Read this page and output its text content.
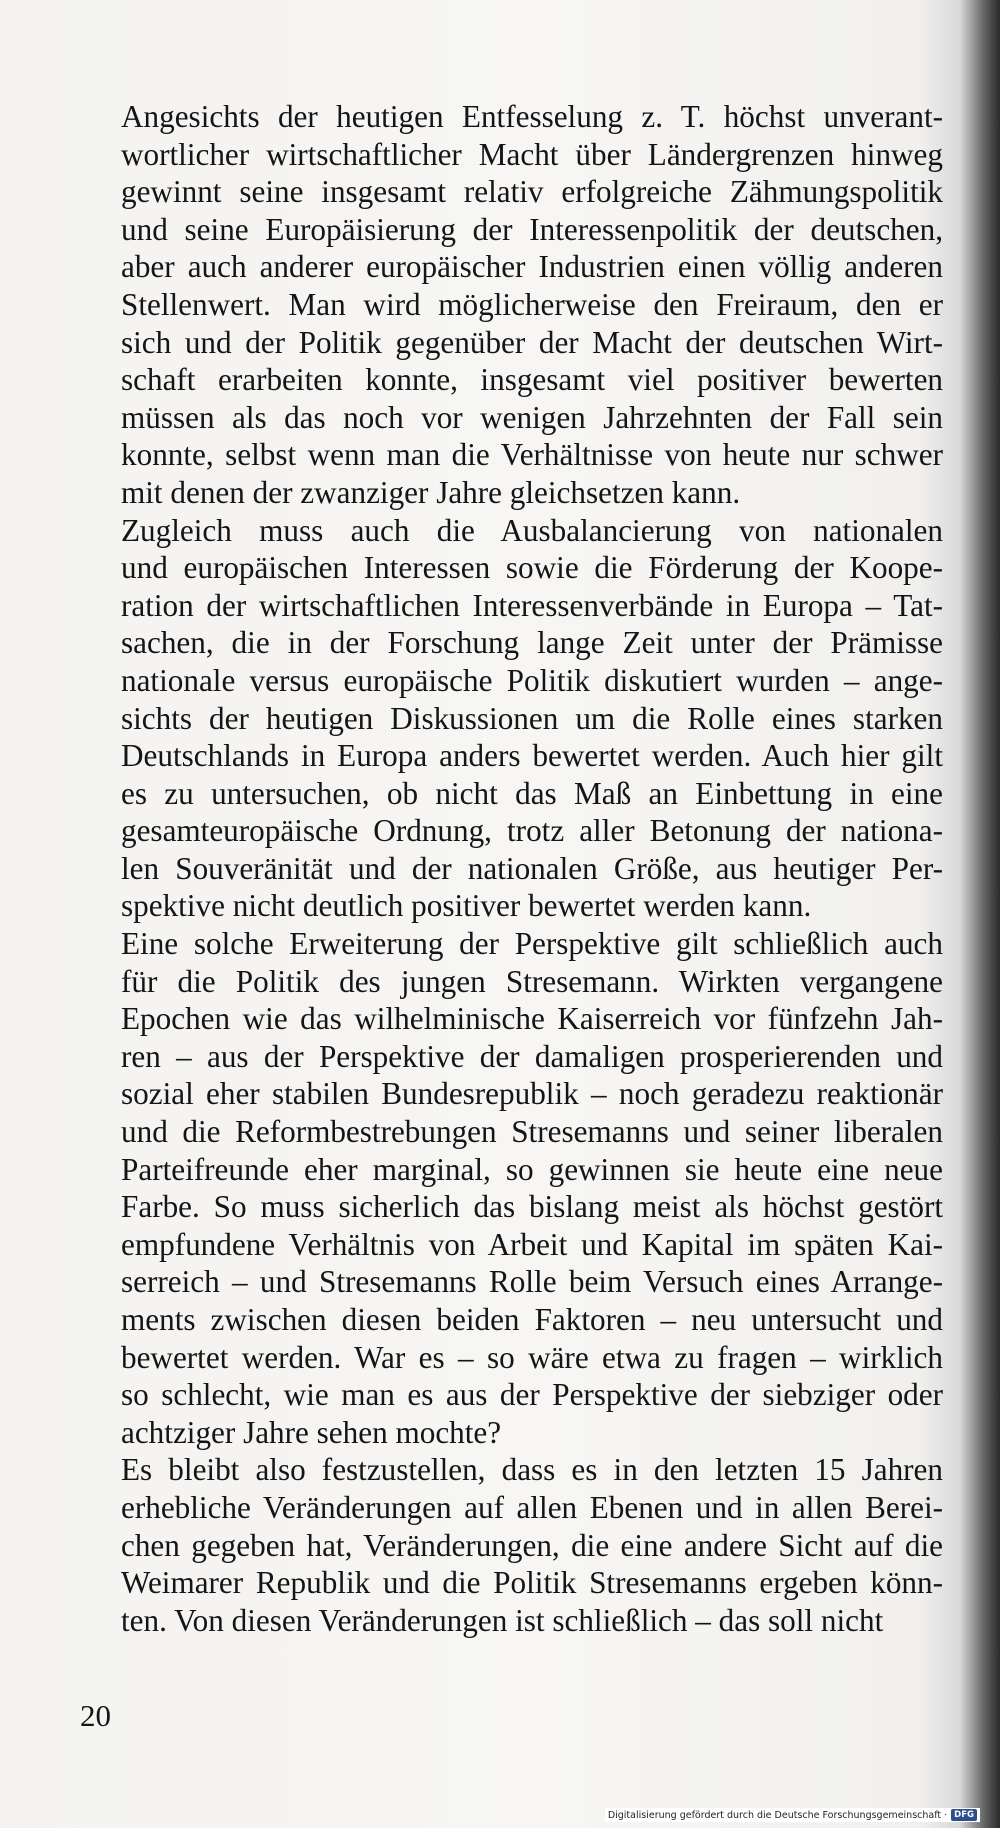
Angesichts der heutigen Entfesselung z. T. höchst unverant-
wortlicher wirtschaftlicher Macht über Ländergrenzen hinweg
gewinnt seine insgesamt relativ erfolgreiche Zähmungspolitik
und seine Europäisierung der Interessenpolitik der deutschen,
aber auch anderer europäischer Industrien einen völlig anderen
Stellenwert. Man wird möglicherweise den Freiraum, den er
sich und der Politik gegenüber der Macht der deutschen Wirt-
schaft erarbeiten konnte, insgesamt viel positiver bewerten
müssen als das noch vor wenigen Jahrzehnten der Fall sein
konnte, selbst wenn man die Verhältnisse von heute nur schwer
mit denen der zwanziger Jahre gleichsetzen kann.

Zugleich muss auch die Ausbalancierung von nationalen
und europäischen Interessen sowie die Förderung der Koope-
ration der wirtschaftlichen Interessenverbände in Europa – Tat-
sachen, die in der Forschung lange Zeit unter der Prämisse
nationale versus europäische Politik diskutiert wurden – ange-
sichts der heutigen Diskussionen um die Rolle eines starken
Deutschlands in Europa anders bewertet werden. Auch hier gilt
es zu untersuchen, ob nicht das Maß an Einbettung in eine
gesamteuropäische Ordnung, trotz aller Betonung der nationa-
len Souveränität und der nationalen Größe, aus heutiger Per-
spektive nicht deutlich positiver bewertet werden kann.

Eine solche Erweiterung der Perspektive gilt schließlich auch
für die Politik des jungen Stresemann. Wirkten vergangene
Epochen wie das wilhelminische Kaiserreich vor fünfzehn Jah-
ren – aus der Perspektive der damaligen prosperierenden und
sozial eher stabilen Bundesrepublik – noch geradezu reaktionär
und die Reformbestrebungen Stresemanns und seiner liberalen
Parteifreunde eher marginal, so gewinnen sie heute eine neue
Farbe. So muss sicherlich das bislang meist als höchst gestört
empfundene Verhältnis von Arbeit und Kapital im späten Kai-
serreich – und Stresemanns Rolle beim Versuch eines Arrange-
ments zwischen diesen beiden Faktoren – neu untersucht und
bewertet werden. War es – so wäre etwa zu fragen – wirklich
so schlecht, wie man es aus der Perspektive der siebziger oder
achtziger Jahre sehen mochte?

Es bleibt also festzustellen, dass es in den letzten 15 Jahren
erhebliche Veränderungen auf allen Ebenen und in allen Berei-
chen gegeben hat, Veränderungen, die eine andere Sicht auf die
Weimarer Republik und die Politik Stresemanns ergeben könn-
ten. Von diesen Veränderungen ist schließlich – das soll nicht

20
Digitalisierung gefördert durch die Deutsche Forschungsgemeinschaft · DFG
